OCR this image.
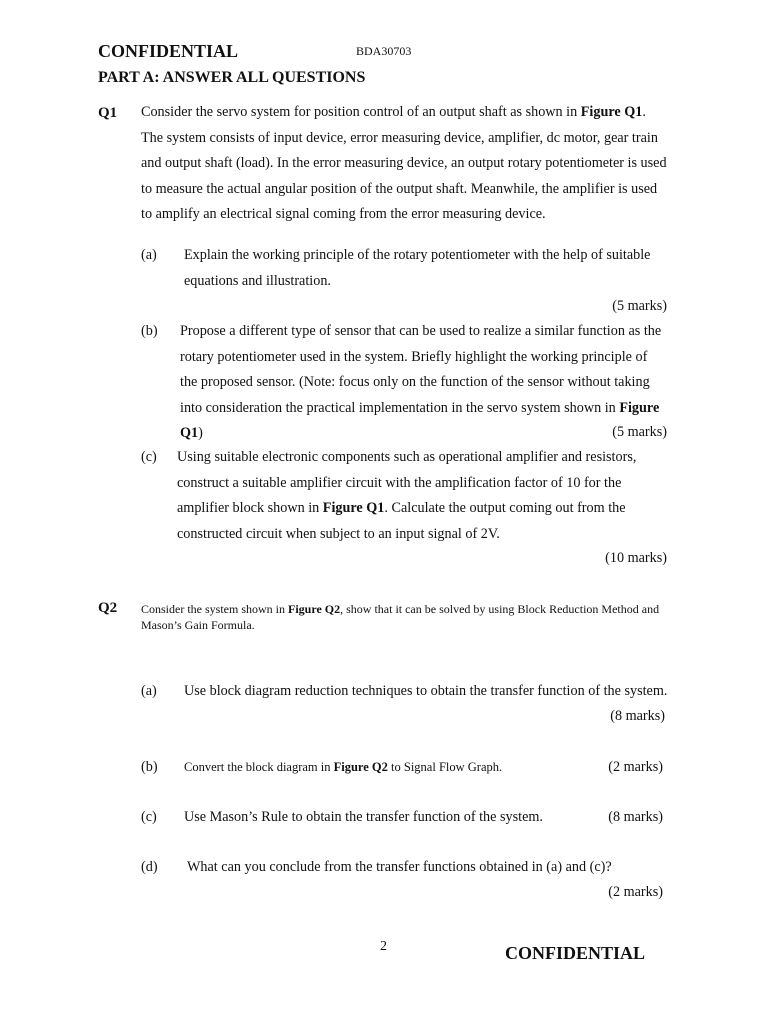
CONFIDENTIAL	BDA30703
PART A: ANSWER ALL QUESTIONS
Q1 Consider the servo system for position control of an output shaft as shown in Figure Q1. The system consists of input device, error measuring device, amplifier, dc motor, gear train and output shaft (load). In the error measuring device, an output rotary potentiometer is used to measure the actual angular position of the output shaft. Meanwhile, the amplifier is used to amplify an electrical signal coming from the error measuring device.
(a) Explain the working principle of the rotary potentiometer with the help of suitable equations and illustration.
(5 marks)
(b) Propose a different type of sensor that can be used to realize a similar function as the rotary potentiometer used in the system. Briefly highlight the working principle of the proposed sensor. (Note: focus only on the function of the sensor without taking into consideration the practical implementation in the servo system shown in Figure Q1)	(5 marks)
(c) Using suitable electronic components such as operational amplifier and resistors, construct a suitable amplifier circuit with the amplification factor of 10 for the amplifier block shown in Figure Q1. Calculate the output coming out from the constructed circuit when subject to an input signal of 2V.
(10 marks)
Q2 Consider the system shown in Figure Q2, show that it can be solved by using Block Reduction Method and Mason’s Gain Formula.
(a) Use block diagram reduction techniques to obtain the transfer function of the system.
(8 marks)
(b) Convert the block diagram in Figure Q2 to Signal Flow Graph.	(2 marks)
(c) Use Mason’s Rule to obtain the transfer function of the system.	(8 marks)
(d) What can you conclude from the transfer functions obtained in (a) and (c)?
(2 marks)
2	CONFIDENTIAL
